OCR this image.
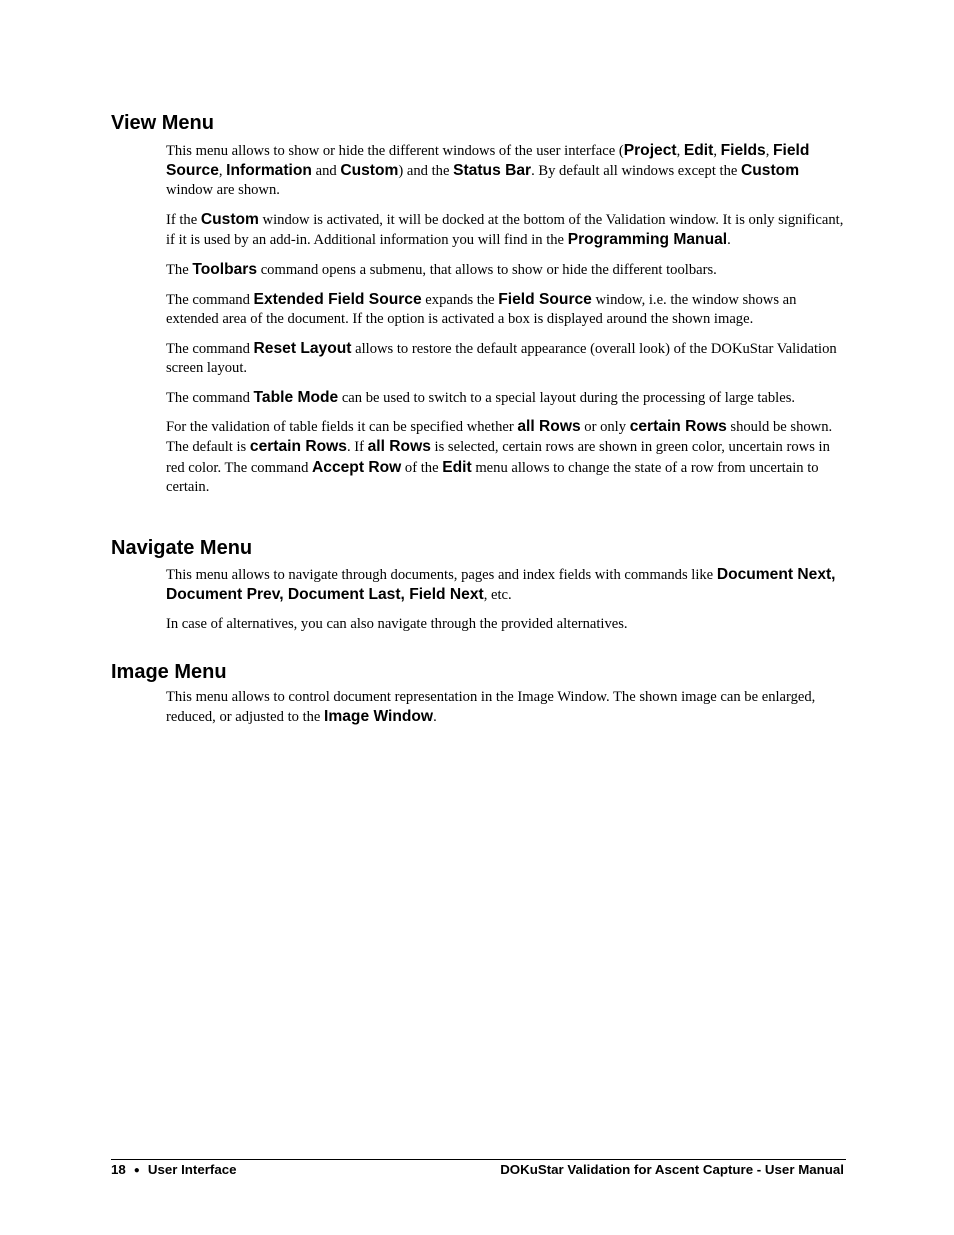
View Menu

This menu allows to show or hide the different windows of the user interface (Project, Edit, Fields, Field Source, Information and Custom) and the Status Bar. By default all windows except the Custom window are shown.

If the Custom window is activated, it will be docked at the bottom of the Validation window. It is only significant, if it is used by an add-in. Additional information you will find in the Programming Manual.

The Toolbars command opens a submenu, that allows to show or hide the different toolbars.

The command Extended Field Source expands the Field Source window, i.e. the window shows an extended area of the document. If the option is activated a box is displayed around the shown image.

The command Reset Layout allows to restore the default appearance (overall look) of the DOKuStar Validation screen layout.

The command Table Mode can be used to switch to a special layout during the processing of large tables.

For the validation of table fields it can be specified whether all Rows or only certain Rows should be shown. The default is certain Rows. If all Rows is selected, certain rows are shown in green color, uncertain rows in red color. The command Accept Row of the Edit menu allows to change the state of a row from uncertain to certain.

Navigate Menu

This menu allows to navigate through documents, pages and index fields with commands like Document Next, Document Prev, Document Last, Field Next, etc.

In case of alternatives, you can also navigate through the provided alternatives.

Image Menu

This menu allows to control document representation in the Image Window. The shown image can be enlarged, reduced, or adjusted to the Image Window.

18 ● User Interface	DOKuStar Validation for Ascent Capture - User Manual
